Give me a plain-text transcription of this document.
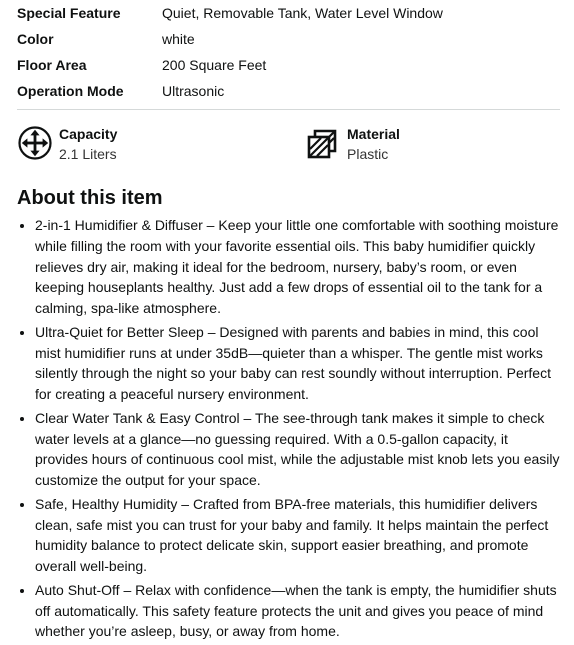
Special Feature	Quiet, Removable Tank, Water Level Window
Color	white
Floor Area	200 Square Feet
Operation Mode	Ultrasonic
Capacity
2.1 Liters
Material
Plastic
About this item
• 2-in-1 Humidifier & Diffuser – Keep your little one comfortable with soothing moisture while filling the room with your favorite essential oils. This baby humidifier quickly relieves dry air, making it ideal for the bedroom, nursery, baby’s room, or even keeping houseplants healthy. Just add a few drops of essential oil to the tank for a calming, spa-like atmosphere.
• Ultra-Quiet for Better Sleep – Designed with parents and babies in mind, this cool mist humidifier runs at under 35dB—quieter than a whisper. The gentle mist works silently through the night so your baby can rest soundly without interruption. Perfect for creating a peaceful nursery environment.
• Clear Water Tank & Easy Control – The see-through tank makes it simple to check water levels at a glance—no guessing required. With a 0.5-gallon capacity, it provides hours of continuous cool mist, while the adjustable mist knob lets you easily customize the output for your space.
• Safe, Healthy Humidity – Crafted from BPA-free materials, this humidifier delivers clean, safe mist you can trust for your baby and family. It helps maintain the perfect humidity balance to protect delicate skin, support easier breathing, and promote overall well-being.
• Auto Shut-Off – Relax with confidence—when the tank is empty, the humidifier shuts off automatically. This safety feature protects the unit and gives you peace of mind whether you’re asleep, busy, or away from home.
